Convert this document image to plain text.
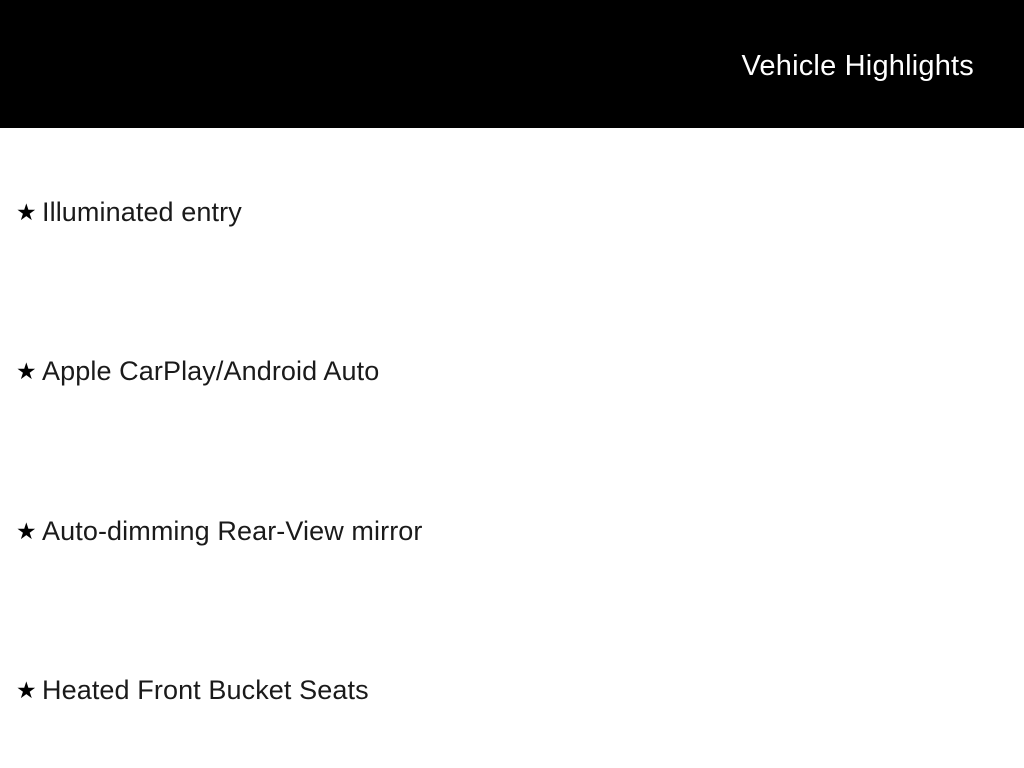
Vehicle Highlights
★ Illuminated entry
★ Apple CarPlay/Android Auto
★ Auto-dimming Rear-View mirror
★ Heated Front Bucket Seats
